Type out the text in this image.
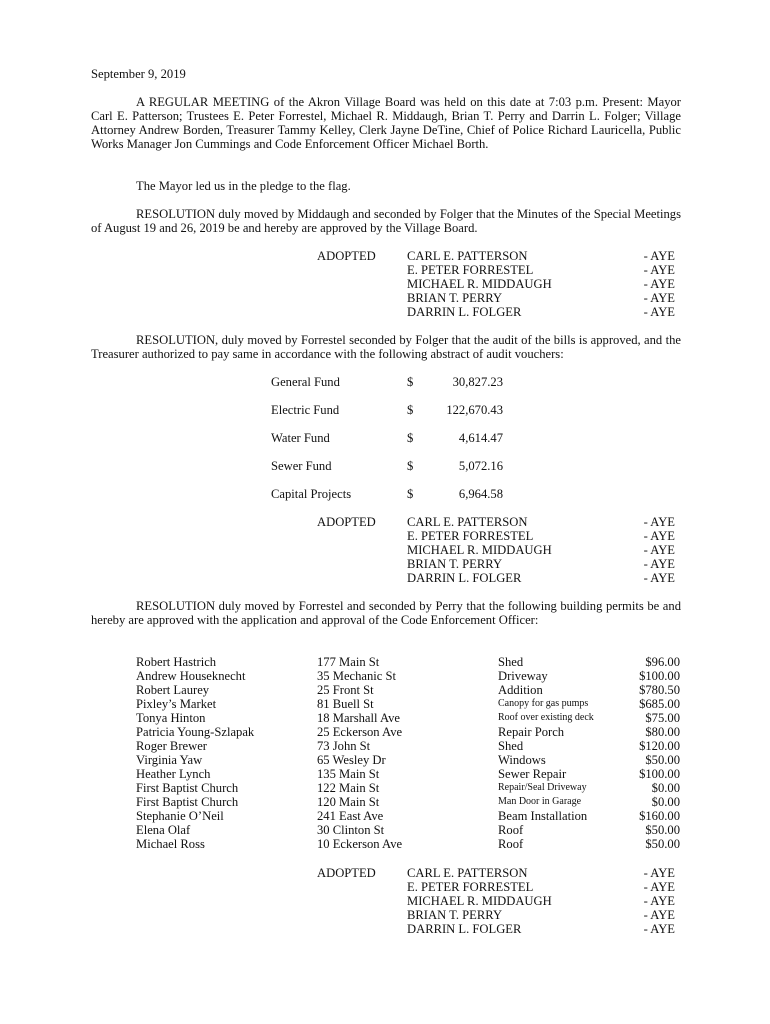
September 9, 2019
A REGULAR MEETING of the Akron Village Board was held on this date at 7:03 p.m. Present: Mayor Carl E. Patterson; Trustees E. Peter Forrestel, Michael R. Middaugh, Brian T. Perry and Darrin L. Folger; Village Attorney Andrew Borden, Treasurer Tammy Kelley, Clerk Jayne DeTine, Chief of Police Richard Lauricella, Public Works Manager Jon Cummings and Code Enforcement Officer Michael Borth.
The Mayor led us in the pledge to the flag.
RESOLUTION duly moved by Middaugh and seconded by Folger that the Minutes of the Special Meetings of August 19 and 26, 2019 be and hereby are approved by the Village Board.
ADOPTED CARL E. PATTERSON	- AYE
E. PETER FORRESTEL	- AYE
MICHAEL R. MIDDAUGH	- AYE
BRIAN T. PERRY	- AYE
DARRIN L. FOLGER	- AYE
RESOLUTION, duly moved by Forrestel seconded by Folger that the audit of the bills is approved, and the Treasurer authorized to pay same in accordance with the following abstract of audit vouchers:
General Fund	$	30,827.23
Electric Fund	$	122,670.43
Water Fund	$	4,614.47
Sewer Fund	$	5,072.16
Capital Projects	$	6,964.58
ADOPTED CARL E. PATTERSON	- AYE
E. PETER FORRESTEL	- AYE
MICHAEL R. MIDDAUGH	- AYE
BRIAN T. PERRY	- AYE
DARRIN L. FOLGER	- AYE
RESOLUTION duly moved by Forrestel and seconded by Perry that the following building permits be and hereby are approved with the application and approval of the Code Enforcement Officer:
Robert Hastrich	177 Main St	Shed	$96.00
Andrew Houseknecht	35 Mechanic St	Driveway	$100.00
Robert Laurey	25 Front St	Addition	$780.50
Pixley’s Market	81 Buell St	Canopy for gas pumps	$685.00
Tonya Hinton	18 Marshall Ave	Roof over existing deck	$75.00
Patricia Young-Szlapak	25 Eckerson Ave	Repair Porch	$80.00
Roger Brewer	73 John St	Shed	$120.00
Virginia Yaw	65 Wesley Dr	Windows	$50.00
Heather Lynch	135 Main St	Sewer Repair	$100.00
First Baptist Church	122 Main St	Repair/Seal Driveway	$0.00
First Baptist Church	120 Main St	Man Door in Garage	$0.00
Stephanie O’Neil	241 East Ave	Beam Installation	$160.00
Elena Olaf	30 Clinton St	Roof	$50.00
Michael Ross	10 Eckerson Ave	Roof	$50.00
ADOPTED CARL E. PATTERSON	- AYE
E. PETER FORRESTEL	- AYE
MICHAEL R. MIDDAUGH	- AYE
BRIAN T. PERRY	- AYE
DARRIN L. FOLGER	- AYE
